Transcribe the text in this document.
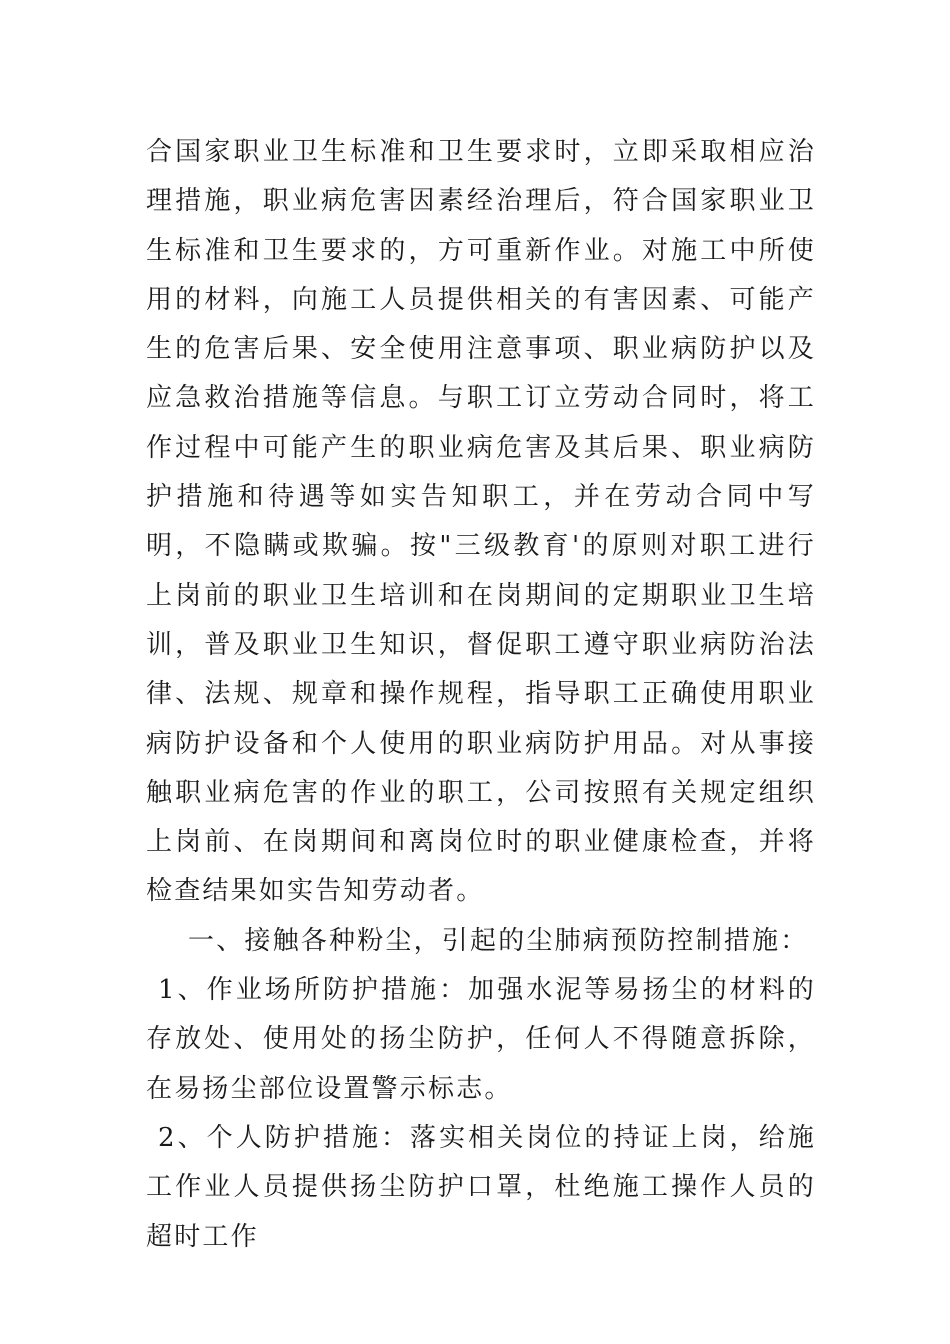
合国家职业卫生标准和卫生要求时，立即采取相应治理措施，职业病危害因素经治理后，符合国家职业卫生标准和卫生要求的，方可重新作业。对施工中所使用的材料，向施工人员提供相关的有害因素、可能产生的危害后果、安全使用注意事项、职业病防护以及应急救治措施等信息。与职工订立劳动合同时，将工作过程中可能产生的职业病危害及其后果、职业病防护措施和待遇等如实告知职工，并在劳动合同中写明，不隐瞒或欺骗。按"三级教育'的原则对职工进行上岗前的职业卫生培训和在岗期间的定期职业卫生培训，普及职业卫生知识，督促职工遵守职业病防治法律、法规、规章和操作规程，指导职工正确使用职业病防护设备和个人使用的职业病防护用品。对从事接触职业病危害的作业的职工，公司按照有关规定组织上岗前、在岗期间和离岗位时的职业健康检查，并将检查结果如实告知劳动者。

一、接触各种粉尘，引起的尘肺病预防控制措施：

1、作业场所防护措施：加强水泥等易扬尘的材料的存放处、使用处的扬尘防护，任何人不得随意拆除，在易扬尘部位设置警示标志。

2、个人防护措施：落实相关岗位的持证上岗，给施工作业人员提供扬尘防护口罩，杜绝施工操作人员的超时工作
